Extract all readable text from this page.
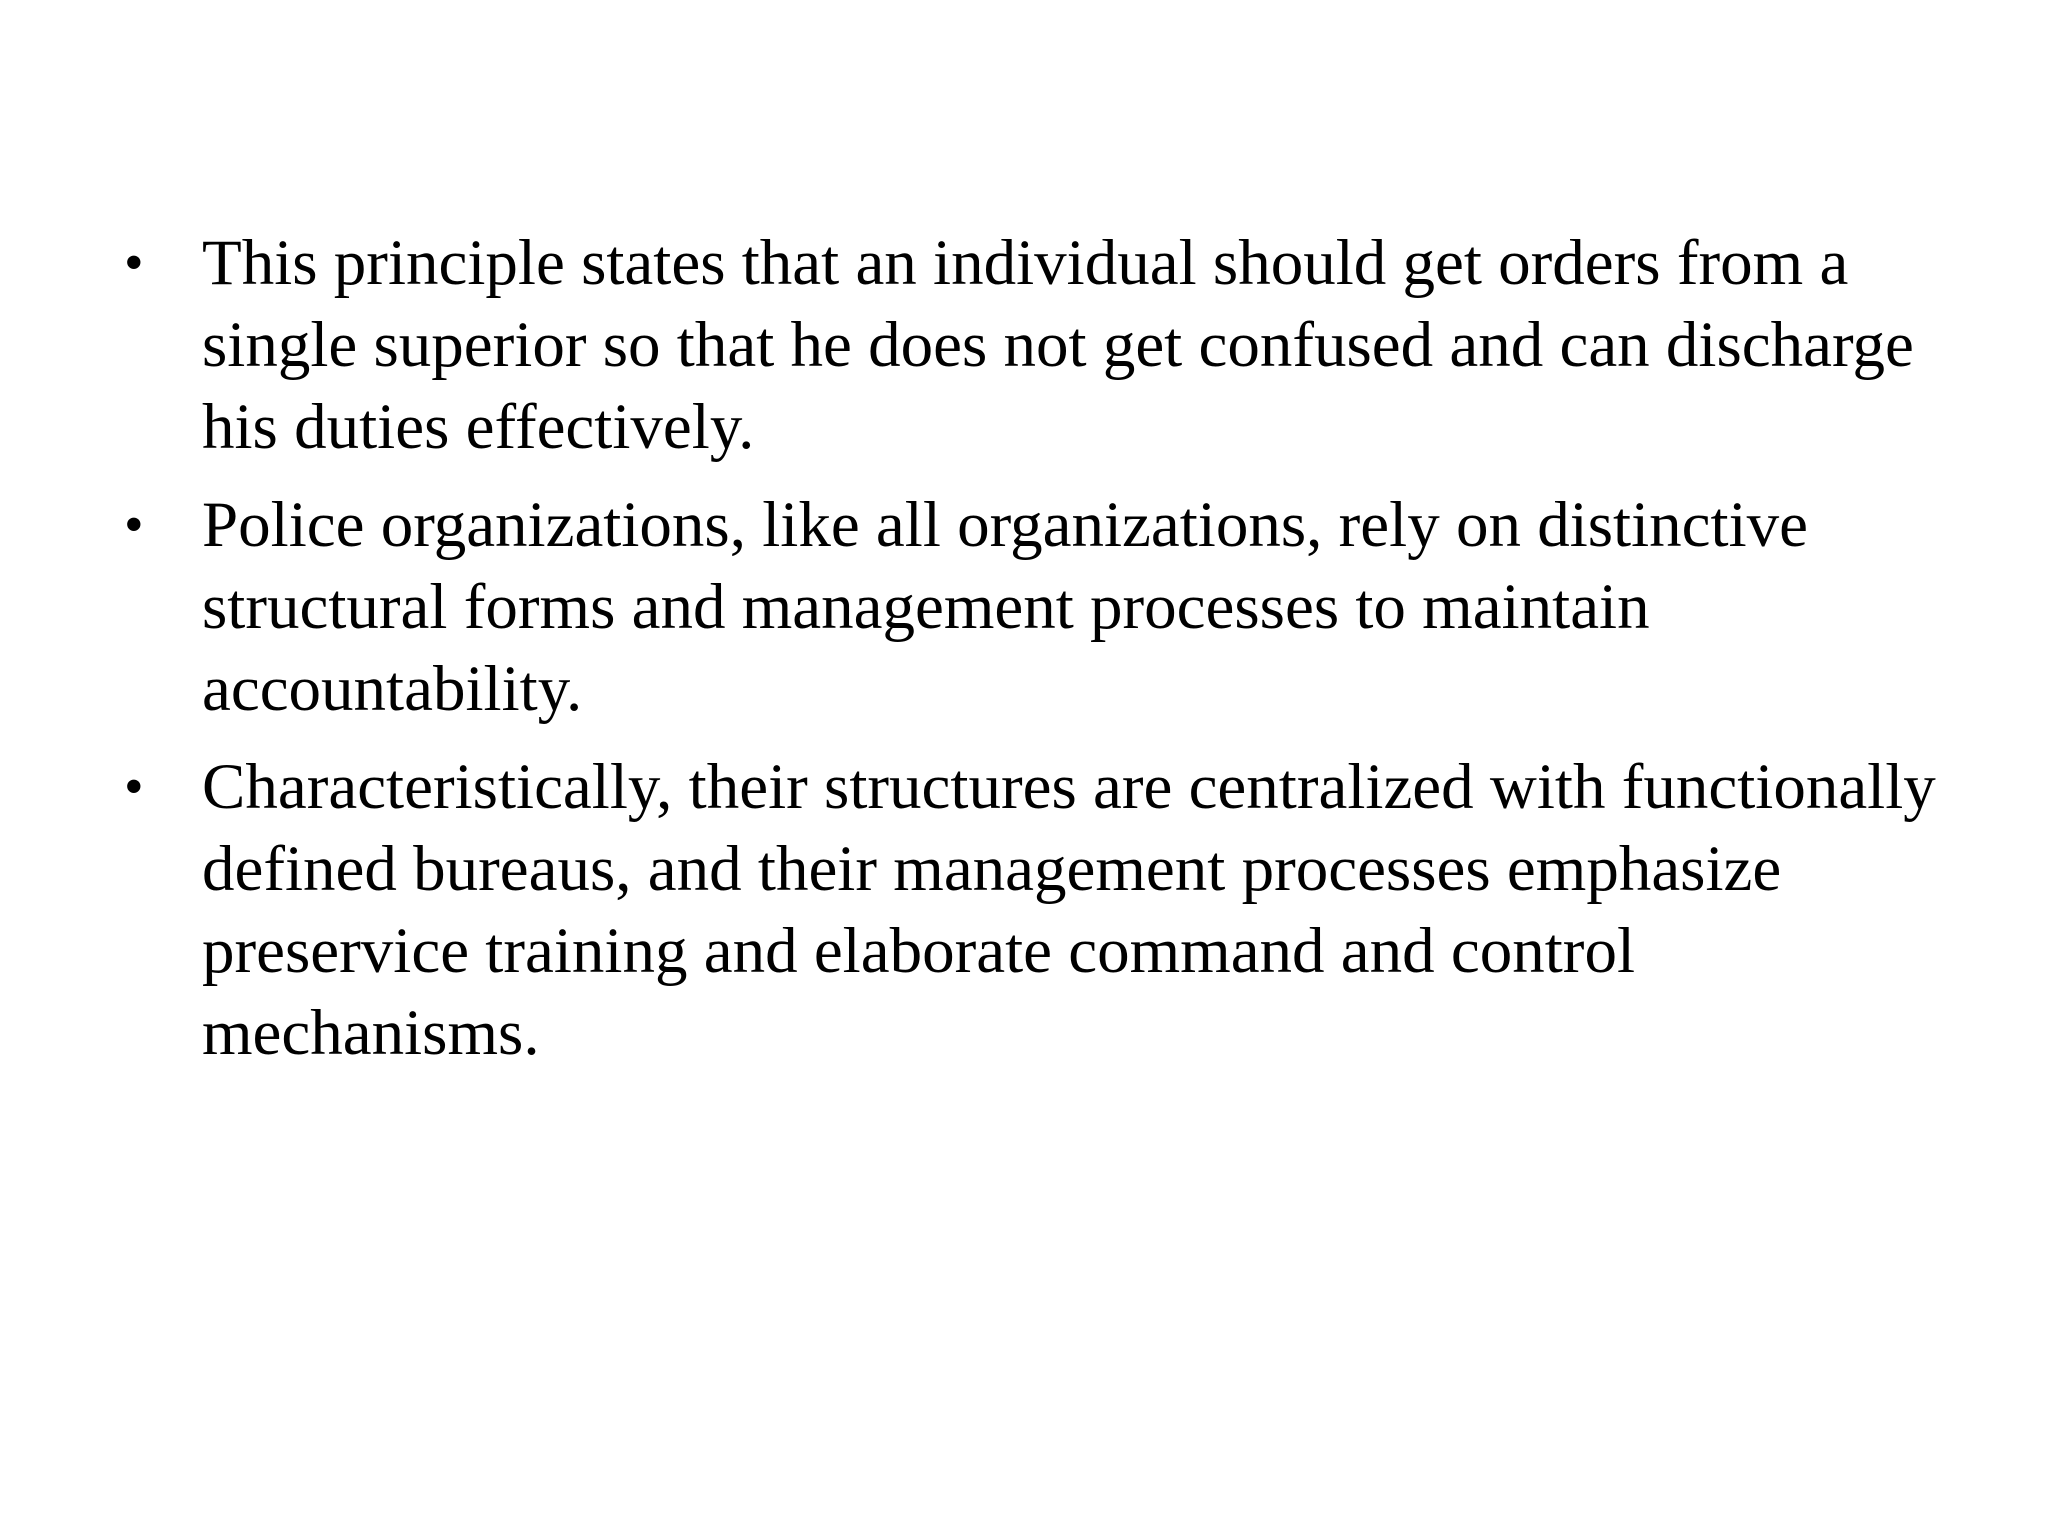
• This principle states that an individual should get orders from a single superior so that he does not get confused and can discharge his duties effectively.
• Police organizations, like all organizations, rely on distinctive structural forms and management processes to maintain accountability.
• Characteristically, their structures are centralized with functionally defined bureaus, and their management processes emphasize preservice training and elaborate command and control mechanisms.
